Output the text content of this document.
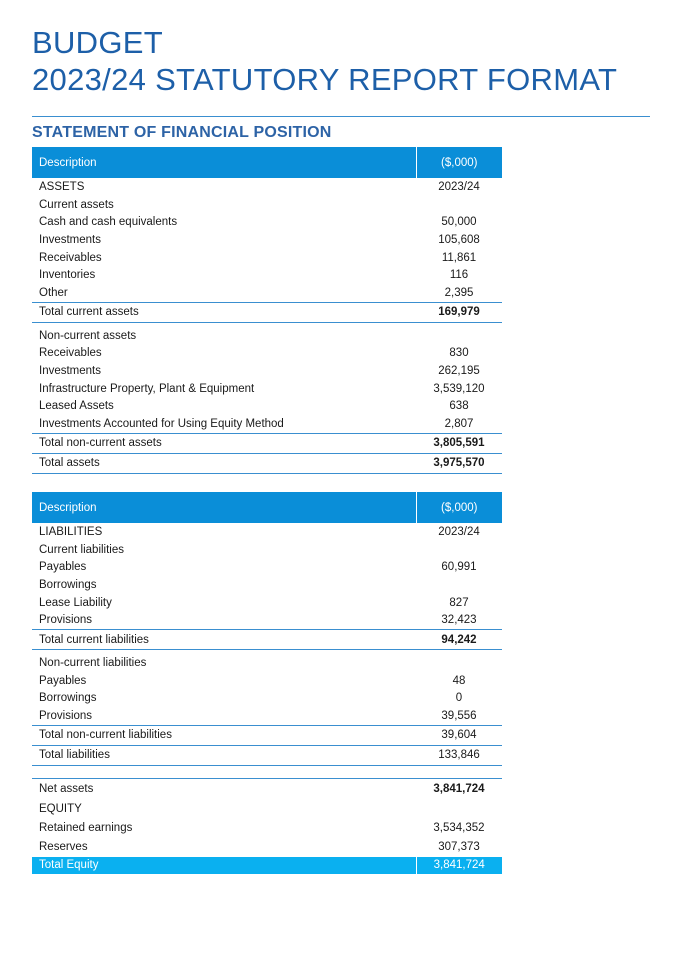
BUDGET
2023/24 STATUTORY REPORT FORMAT
STATEMENT OF FINANCIAL POSITION
Description	($,000)
ASSETS	2023/24
Current assets	
Cash and cash equivalents	50,000
Investments	105,608
Receivables	11,861
Inventories	116
Other	2,395
Total current assets	169,979

Non-current assets	
Receivables	830
Investments	262,195
Infrastructure Property, Plant & Equipment	3,539,120
Leased Assets	638
Investments Accounted for Using Equity Method	2,807
Total non-current assets	3,805,591
Total assets	3,975,570
Description	($,000)
LIABILITIES	2023/24
Current liabilities	
Payables	60,991
Borrowings	
Lease Liability	827
Provisions	32,423
Total current liabilities	94,242

Non-current liabilities	
Payables	48
Borrowings	0
Provisions	39,556
Total non-current liabilities	39,604
Total liabilities	133,846

Net assets	3,841,724
EQUITY	
Retained earnings	3,534,352
Reserves	307,373
Total Equity	3,841,724
